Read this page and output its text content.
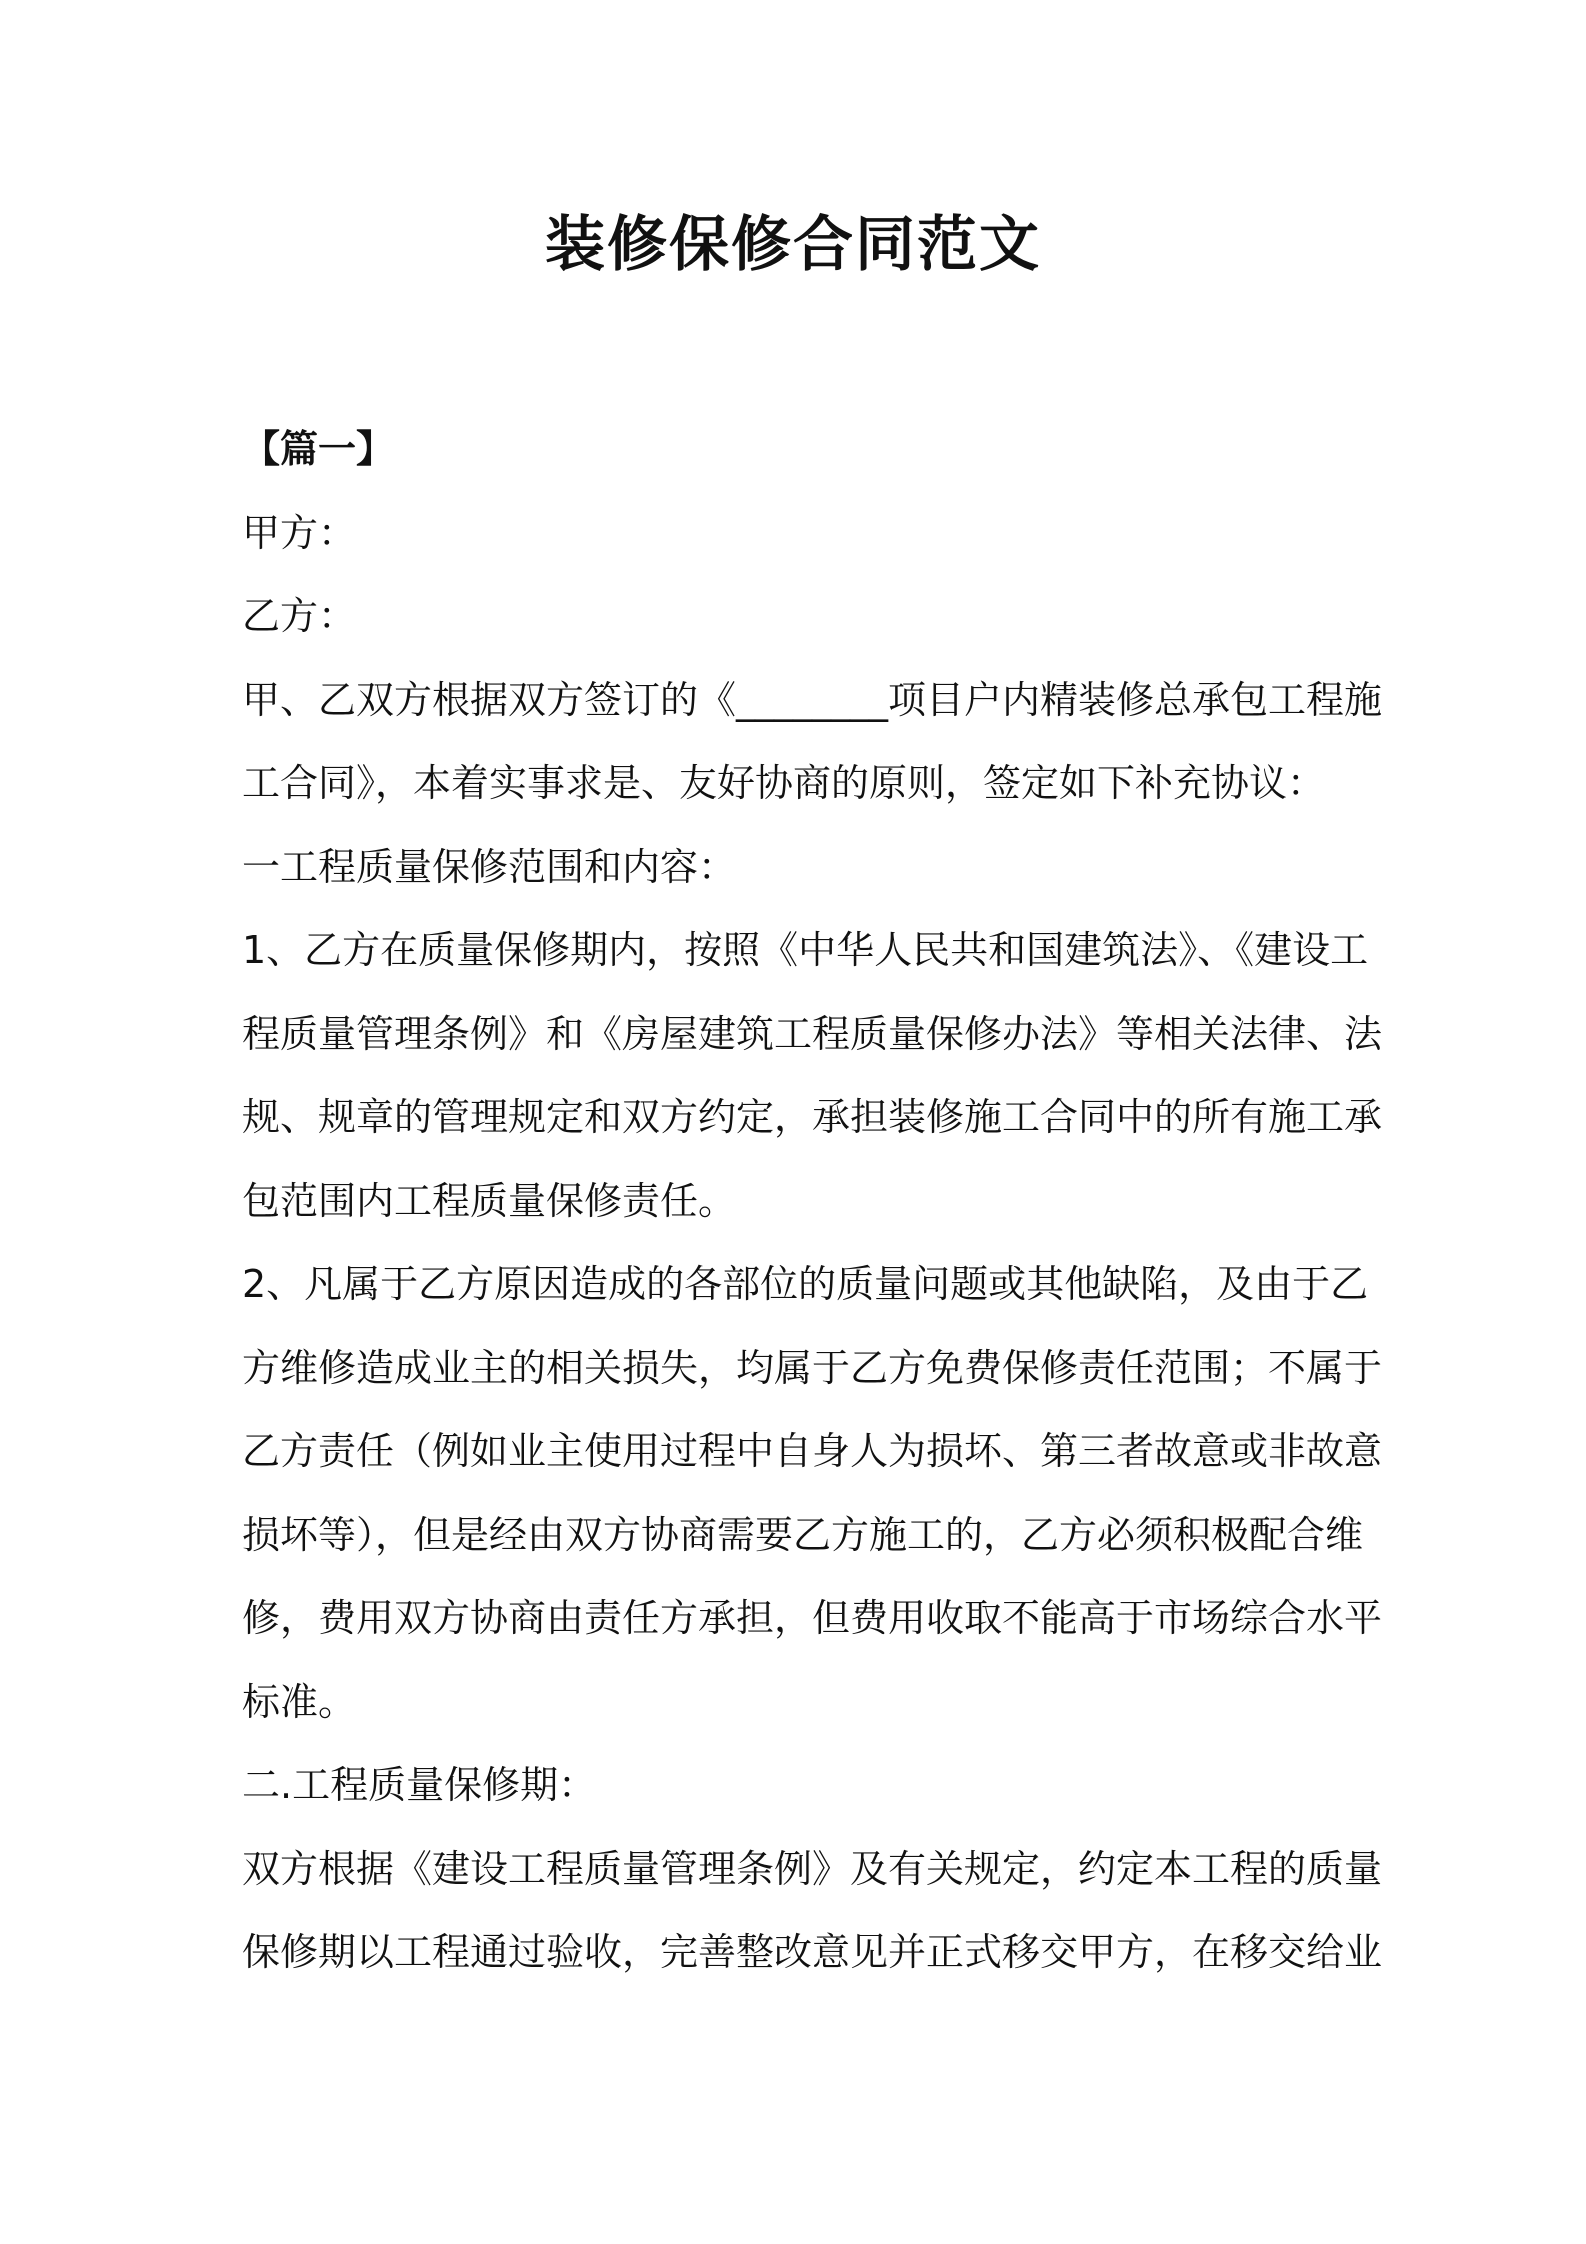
装修保修合同范文
【篇一】
甲方：
乙方：
甲、乙双方根据双方签订的《________项目户内精装修总承包工程施
工合同》，本着实事求是、友好协商的原则，签定如下补充协议：
一工程质量保修范围和内容：
1、乙方在质量保修期内，按照《中华人民共和国建筑法》、《建设工
程质量管理条例》和《房屋建筑工程质量保修办法》等相关法律、法
规、规章的管理规定和双方约定，承担装修施工合同中的所有施工承
包范围内工程质量保修责任。
2、凡属于乙方原因造成的各部位的质量问题或其他缺陷，及由于乙
方维修造成业主的相关损失，均属于乙方免费保修责任范围；不属于
乙方责任（例如业主使用过程中自身人为损坏、第三者故意或非故意
损坏等），但是经由双方协商需要乙方施工的，乙方必须积极配合维
修，费用双方协商由责任方承担，但费用收取不能高于市场综合水平
标准。
二.工程质量保修期：
双方根据《建设工程质量管理条例》及有关规定，约定本工程的质量
保修期以工程通过验收，完善整改意见并正式移交甲方，在移交给业
